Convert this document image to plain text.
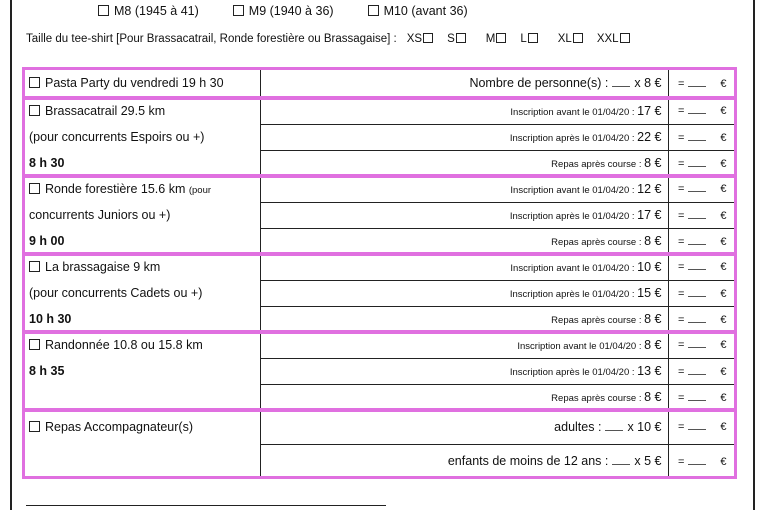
M8 (1945 à 41)	M9 (1940 à 36)	M10 (avant 36)
Taille du tee-shirt [Pour Brassacatrail, Ronde forestière ou Brassagaise] : XS	S	M	L	XL	XXL
Pasta Party du vendredi 19 h 30	Nombre de personne(s) : x 8 €	= €
Brassacatrail 29.5 km	Inscription avant le 01/04/20 : 17 €	= €
(pour concurrents Espoirs ou +)	Inscription après le 01/04/20 : 22 €	= €
8 h 30	Repas après course : 8 €	= €
Ronde forestière 15.6 km (pour	Inscription avant le 01/04/20 : 12 €	= €
concurrents Juniors ou +)	Inscription après le 01/04/20 : 17 €	= €
9 h 00	Repas après course : 8 €	= €
La brassagaise 9 km	Inscription avant le 01/04/20 : 10 €	= €
(pour concurrents Cadets ou +)	Inscription après le 01/04/20 : 15 €	= €
10 h 30	Repas après course : 8 €	= €
Randonnée 10.8 ou 15.8 km	Inscription avant le 01/04/20 : 8 €	= €
8 h 35	Inscription après le 01/04/20 : 13 €	= €
	Repas après course : 8 €	= €
Repas Accompagnateur(s)	adultes : x 10 €	= €
	enfants de moins de 12 ans : x 5 €	= €
